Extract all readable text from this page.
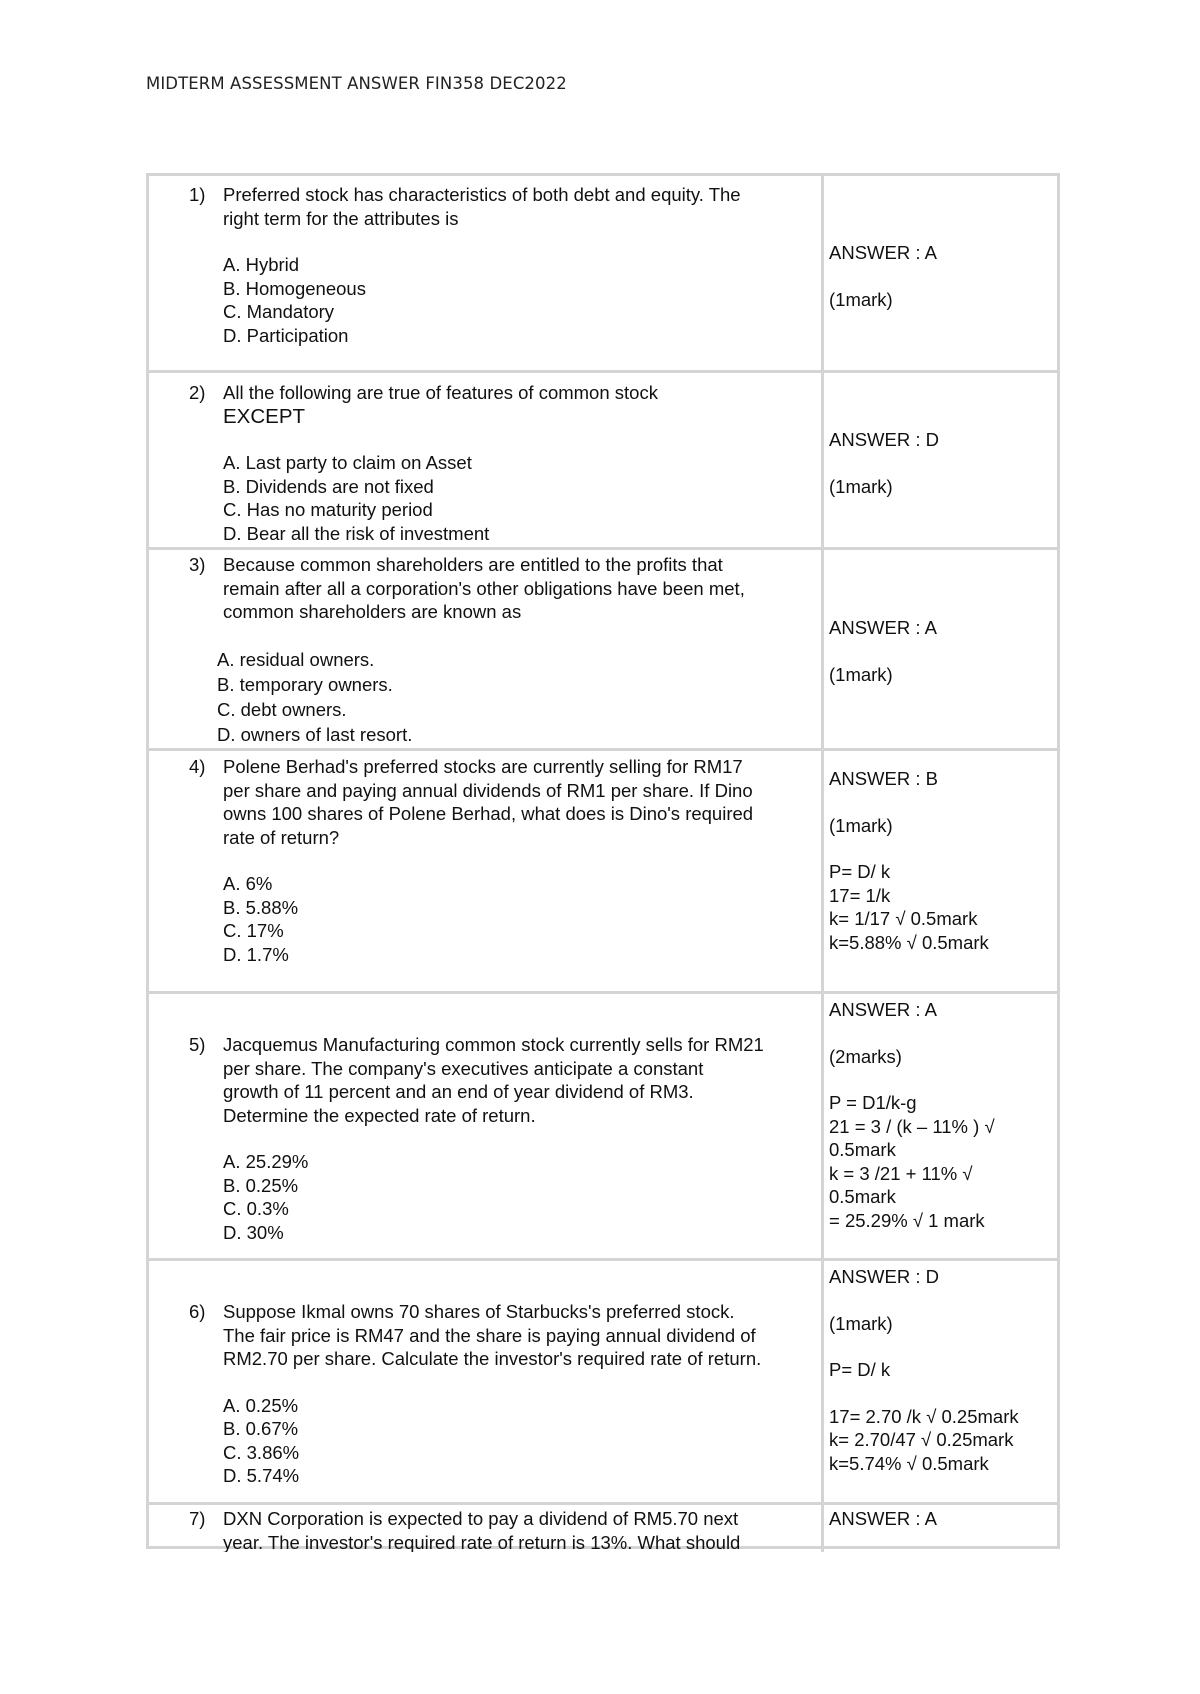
MIDTERM ASSESSMENT ANSWER FIN358 DEC2022
1) Preferred stock has characteristics of both debt and equity. The

right term for the attributes is

A. Hybrid

B. Homogeneous

C. Mandatory

D. Participation

ANSWER : A

(1mark)

2) All the following are true of features of common stock

EXCEPT

A. Last party to claim on Asset

B. Dividends are not fixed

C. Has no maturity period

D. Bear all the risk of investment

ANSWER : D

(1mark)

3) Because common shareholders are entitled to the profits that

remain after all a corporation's other obligations have been met,

common shareholders are known as

A. residual owners.

B. temporary owners.

C. debt owners.

D. owners of last resort.

ANSWER : A

(1mark)

4) Polene Berhad's preferred stocks are currently selling for RM17

per share and paying annual dividends of RM1 per share. If Dino

owns 100 shares of Polene Berhad, what does is Dino's required

rate of return?

A. 6%

B. 5.88%

C. 17%

D. 1.7%

ANSWER : B

(1mark)

P= D/ k

17= 1/k

k= 1/17 √ 0.5mark

k=5.88% √ 0.5mark

5) Jacquemus Manufacturing common stock currently sells for RM21

per share. The company's executives anticipate a constant

growth of 11 percent and an end of year dividend of RM3.

Determine the expected rate of return.

A. 25.29%

B. 0.25%

C. 0.3%

D. 30%

ANSWER : A

(2marks)

P = D1/k-g

21 = 3 / (k – 11% ) √

0.5mark

k = 3 /21 + 11% √

0.5mark

= 25.29% √ 1 mark

6) Suppose Ikmal owns 70 shares of Starbucks's preferred stock.

The fair price is RM47 and the share is paying annual dividend of

RM2.70 per share. Calculate the investor's required rate of return.

A. 0.25%

B. 0.67%

C. 3.86%

D. 5.74%

ANSWER : D

(1mark)

P= D/ k

17= 2.70 /k √ 0.25mark

k= 2.70/47 √ 0.25mark

k=5.74% √ 0.5mark

7) DXN Corporation is expected to pay a dividend of RM5.70 next

year. The investor's required rate of return is 13%. What should

ANSWER : A
